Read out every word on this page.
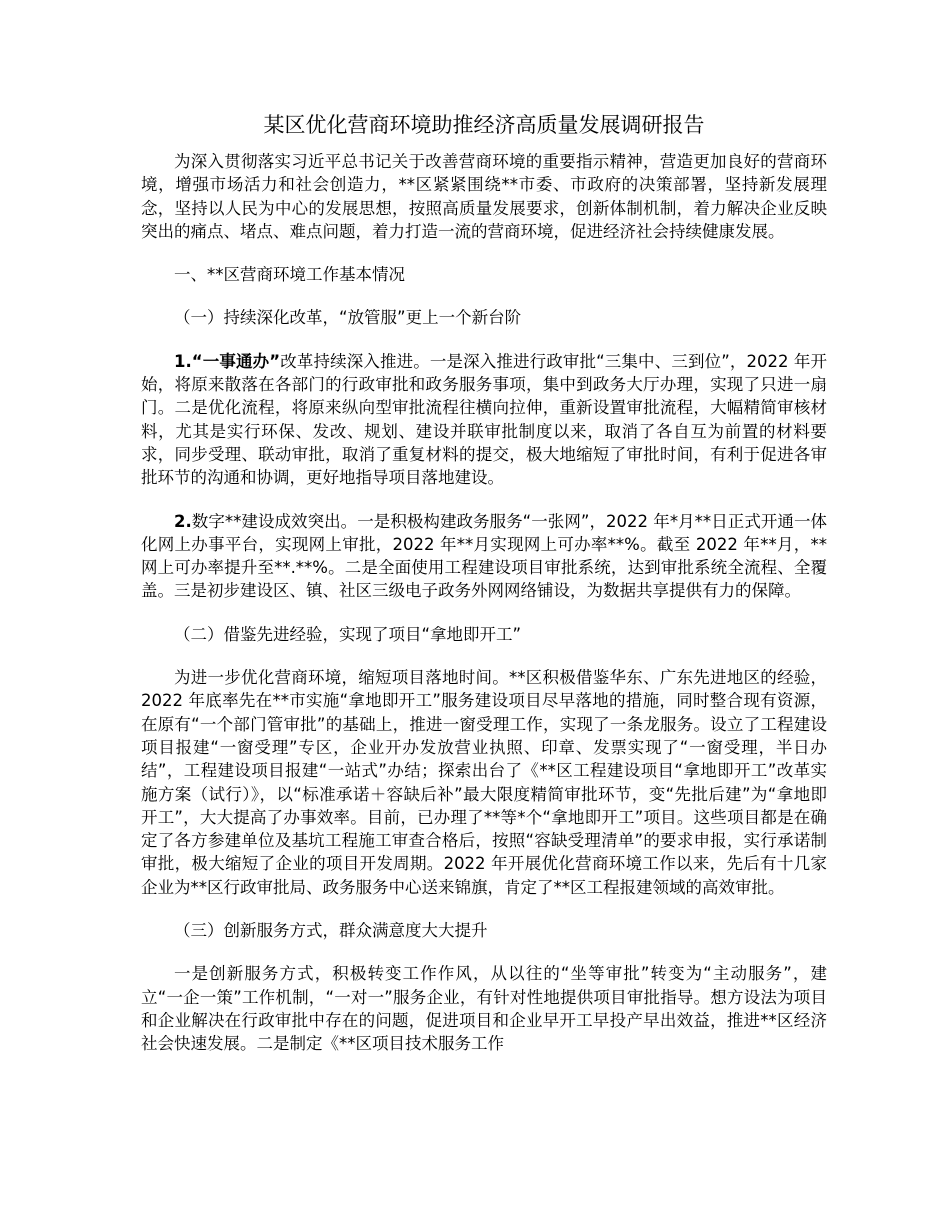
某区优化营商环境助推经济高质量发展调研报告

为深入贯彻落实习近平总书记关于改善营商环境的重要指示精神，营造更加良好的营商环境，增强市场活力和社会创造力，**区紧紧围绕**市委、市政府的决策部署，坚持新发展理念，坚持以人民为中心的发展思想，按照高质量发展要求，创新体制机制，着力解决企业反映突出的痛点、堵点、难点问题，着力打造一流的营商环境，促进经济社会持续健康发展。

一、**区营商环境工作基本情况

（一）持续深化改革，“放管服”更上一个新台阶

1.“一事通办”改革持续深入推进。一是深入推进行政审批“三集中、三到位”，2022 年开始，将原来散落在各部门的行政审批和政务服务事项，集中到政务大厅办理，实现了只进一扇门。二是优化流程，将原来纵向型审批流程往横向拉伸，重新设置审批流程，大幅精简审核材料，尤其是实行环保、发改、规划、建设并联审批制度以来，取消了各自互为前置的材料要求，同步受理、联动审批，取消了重复材料的提交，极大地缩短了审批时间，有利于促进各审批环节的沟通和协调，更好地指导项目落地建设。

2.数字**建设成效突出。一是积极构建政务服务“一张网”，2022 年*月**日正式开通一体化网上办事平台，实现网上审批，2022 年**月实现网上可办率**%。截至 2022 年**月，**网上可办率提升至**.**%。二是全面使用工程建设项目审批系统，达到审批系统全流程、全覆盖。三是初步建设区、镇、社区三级电子政务外网网络铺设，为数据共享提供有力的保障。

（二）借鉴先进经验，实现了项目“拿地即开工”

为进一步优化营商环境，缩短项目落地时间。**区积极借鉴华东、广东先进地区的经验，2022 年底率先在**市实施“拿地即开工”服务建设项目尽早落地的措施，同时整合现有资源，在原有“一个部门管审批”的基础上，推进一窗受理工作，实现了一条龙服务。设立了工程建设项目报建“一窗受理”专区，企业开办发放营业执照、印章、发票实现了“一窗受理，半日办结”，工程建设项目报建“一站式”办结；探索出台了《**区工程建设项目“拿地即开工”改革实施方案（试行）》，以“标准承诺＋容缺后补”最大限度精简审批环节，变“先批后建”为“拿地即开工”，大大提高了办事效率。目前，已办理了**等*个“拿地即开工”项目。这些项目都是在确定了各方参建单位及基坑工程施工审查合格后，按照“容缺受理清单”的要求申报，实行承诺制审批，极大缩短了企业的项目开发周期。2022 年开展优化营商环境工作以来，先后有十几家企业为**区行政审批局、政务服务中心送来锦旗，肯定了**区工程报建领域的高效审批。

（三）创新服务方式，群众满意度大大提升

一是创新服务方式，积极转变工作作风，从以往的“坐等审批”转变为“主动服务”，建立“一企一策”工作机制，“一对一”服务企业，有针对性地提供项目审批指导。想方设法为项目和企业解决在行政审批中存在的问题，促进项目和企业早开工早投产早出效益，推进**区经济社会快速发展。二是制定《**区项目技术服务工作
